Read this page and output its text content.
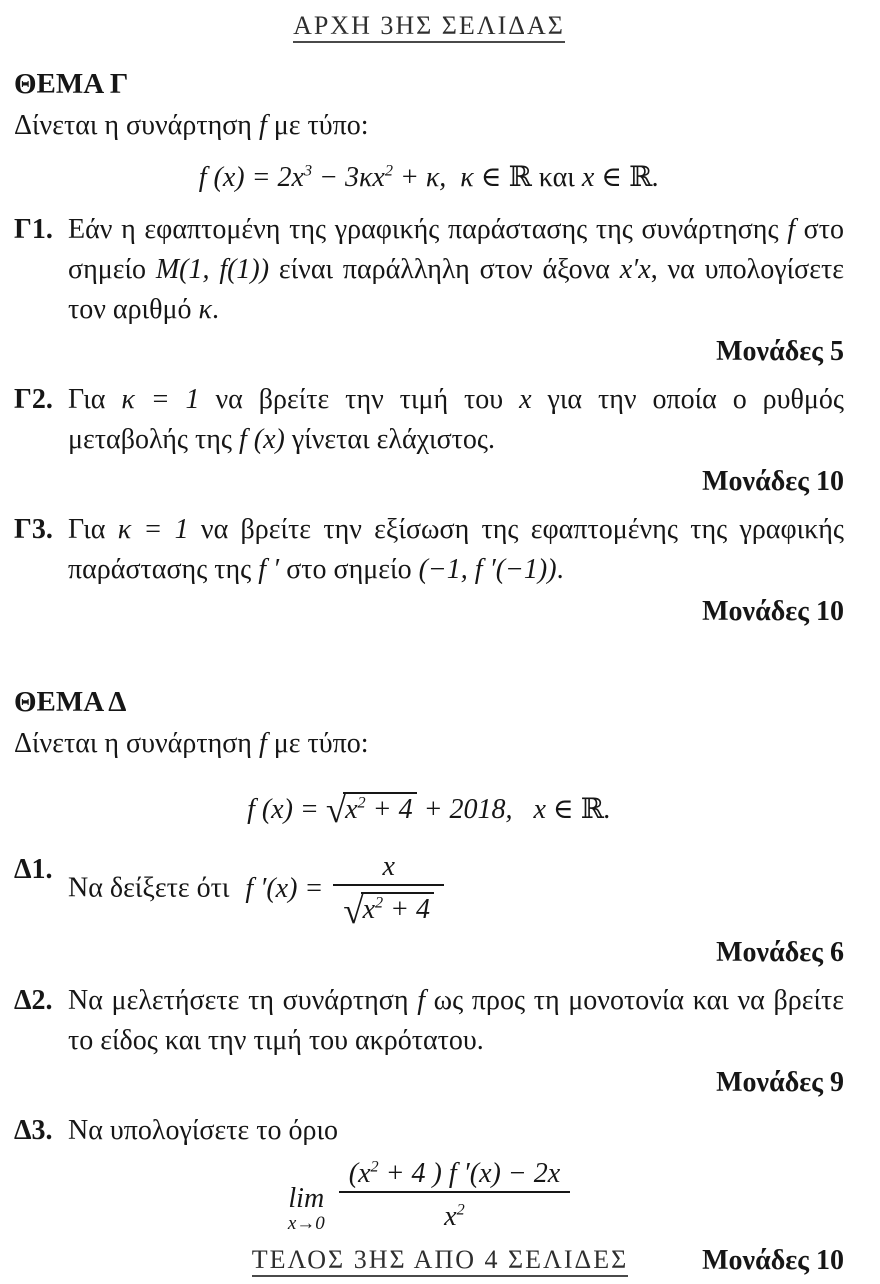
ΑΡΧΗ 3ΗΣ ΣΕΛΙΔΑΣ
ΘΕΜΑ Γ

Δίνεται η συνάρτηση f με τύπο:

f $(x) = 2x^3 - 3\kappa x^2 + \kappa$,  κ ∈ ℝ και x ∈ ℝ.
Γ1. Εάν η εφαπτομένη της γραφικής παράστασης της συνάρτησης f στο σημείο M(1, f(1)) είναι παράλληλη στον άξονα x′x, να υπολογίσετε τον αριθμό κ.

Μονάδες 5
Γ2. Για κ = 1 να βρείτε την τιμή του x για την οποία ο ρυθμός μεταβολής της f (x) γίνεται ελάχιστος.

Μονάδες 10
Γ3. Για κ = 1 να βρείτε την εξίσωση της εφαπτομένης της γραφικής παράστασης της f ′ στο σημείο (−1, f ′(−1)).

Μονάδες 10
ΘΕΜΑ Δ

Δίνεται η συνάρτηση f με τύπο:

f $(x) = √x^2 + 4 + 2018$,   x ∈ ℝ.
Δ1.

Να δείξετε ότι f $'(x) = \frac{x}{√x^2 + 4}$

Μονάδες 6
Δ2. Να μελετήσετε τη συνάρτηση f ως προς τη μονοτονία και να βρείτε το είδος και την τιμή του ακρότατου.

Μονάδες 9
Δ3. Να υπολογίσετε το όριο

lim
$x\to 0 \frac{(x^2 + 4 ) f '(x) - 2x}{x^2}$
Μονάδες 10
ΤΕΛΟΣ 3ΗΣ ΑΠΟ 4 ΣΕΛΙΔΕΣ
